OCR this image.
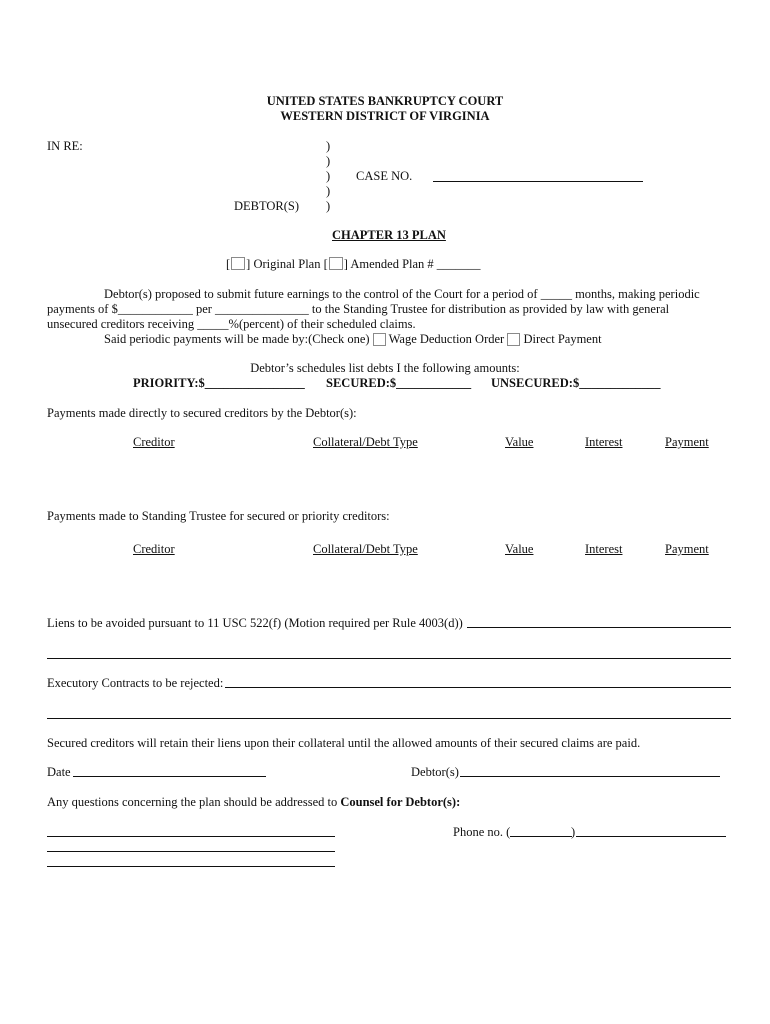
UNITED STATES BANKRUPTCY COURT
WESTERN DISTRICT OF VIRGINIA
IN RE:	)
)
) CASE NO.
)
DEBTOR(S) )
CHAPTER 13 PLAN
[ ] Original Plan [ ] Amended Plan # _______
Debtor(s) proposed to submit future earnings to the control of the Court for a period of _____ months, making periodic
payments of $____________ per _______________ to the Standing Trustee for distribution as provided by law with general
unsecured creditors receiving _____%(percent) of their scheduled claims.
Said periodic payments will be made by:(Check one) Wage Deduction Order Direct Payment
Debtor’s schedules list debts I the following amounts:
PRIORITY:$________________ SECURED:$____________ UNSECURED:$_____________
Payments made directly to secured creditors by the Debtor(s):
Creditor	Collateral/Debt Type	Value	Interest	Payment
Payments made to Standing Trustee for secured or priority creditors:
Creditor	Collateral/Debt Type	Value	Interest	Payment
Liens to be avoided pursuant to 11 USC 522(f) (Motion required per Rule 4003(d))
Executory Contracts to be rejected:
Secured creditors will retain their liens upon their collateral until the allowed amounts of their secured claims are paid.
Date	Debtor(s)
Any questions concerning the plan should be addressed to Counsel for Debtor(s):
Phone no. (	)
